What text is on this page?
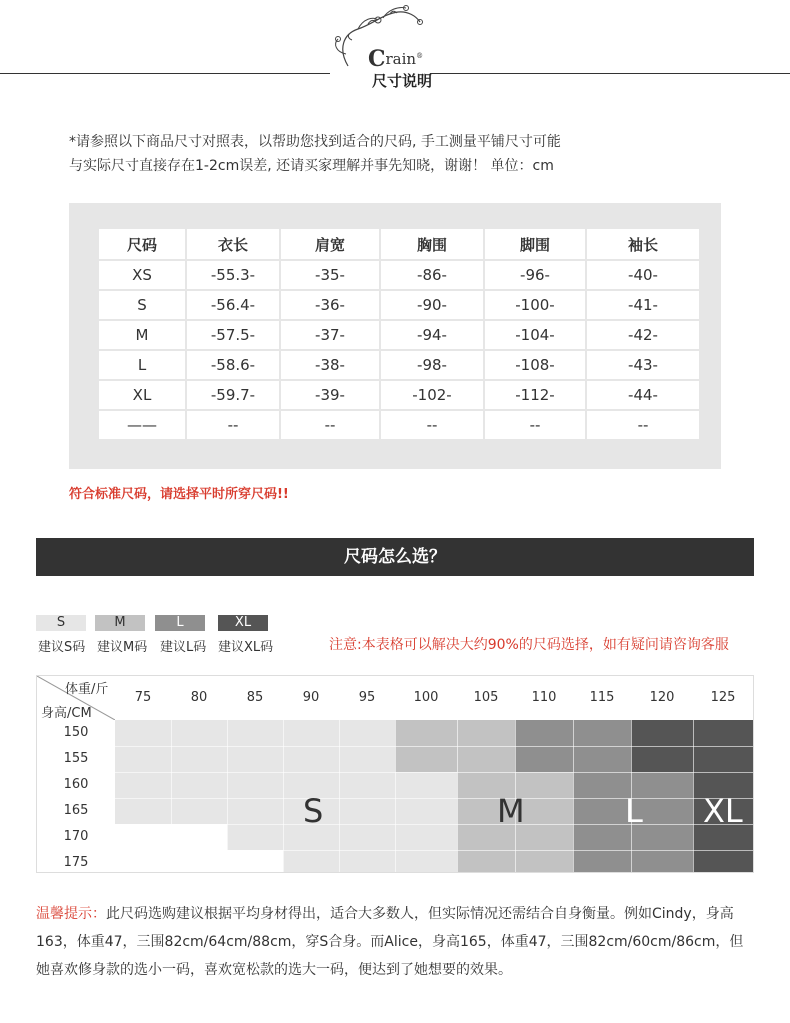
Crain®
尺寸说明
*请参照以下商品尺寸对照表，以帮助您找到适合的尺码, 手工测量平铺尺寸可能
与实际尺寸直接存在1-2cm误差, 还请买家理解并事先知晓，谢谢！ 单位：cm
尺码	衣长	肩宽	胸围	脚围	袖长
XS	-55.3-	-35-	-86-	-96-	-40-
S	-56.4-	-36-	-90-	-100-	-41-
M	-57.5-	-37-	-94-	-104-	-42-
L	-58.6-	-38-	-98-	-108-	-43-
XL	-59.7-	-39-	-102-	-112-	-44-
——	--	--	--	--	--
符合标准尺码，请选择平时所穿尺码!!
尺码怎么选？
S
建议S码
M
建议M码
L
建议L码
XL
建议XL码	注意:本表格可以解决大约90%的尺码选择，如有疑问请咨询客服
体重/斤
身高/CM
75	80	85	90	95	100	105	110	115	120	125
150
155
160
165
170
175
S	M	L XL
温馨提示：此尺码选购建议根据平均身材得出，适合大多数人，但实际情况还需结合自身衡量。例如Cindy，身高163，体重47，三围82cm/64cm/88cm，穿S合身。而Alice，身高165，体重47，三围82cm/60cm/86cm，但她喜欢修身款的选小一码，喜欢宽松款的选大一码，便达到了她想要的效果。
